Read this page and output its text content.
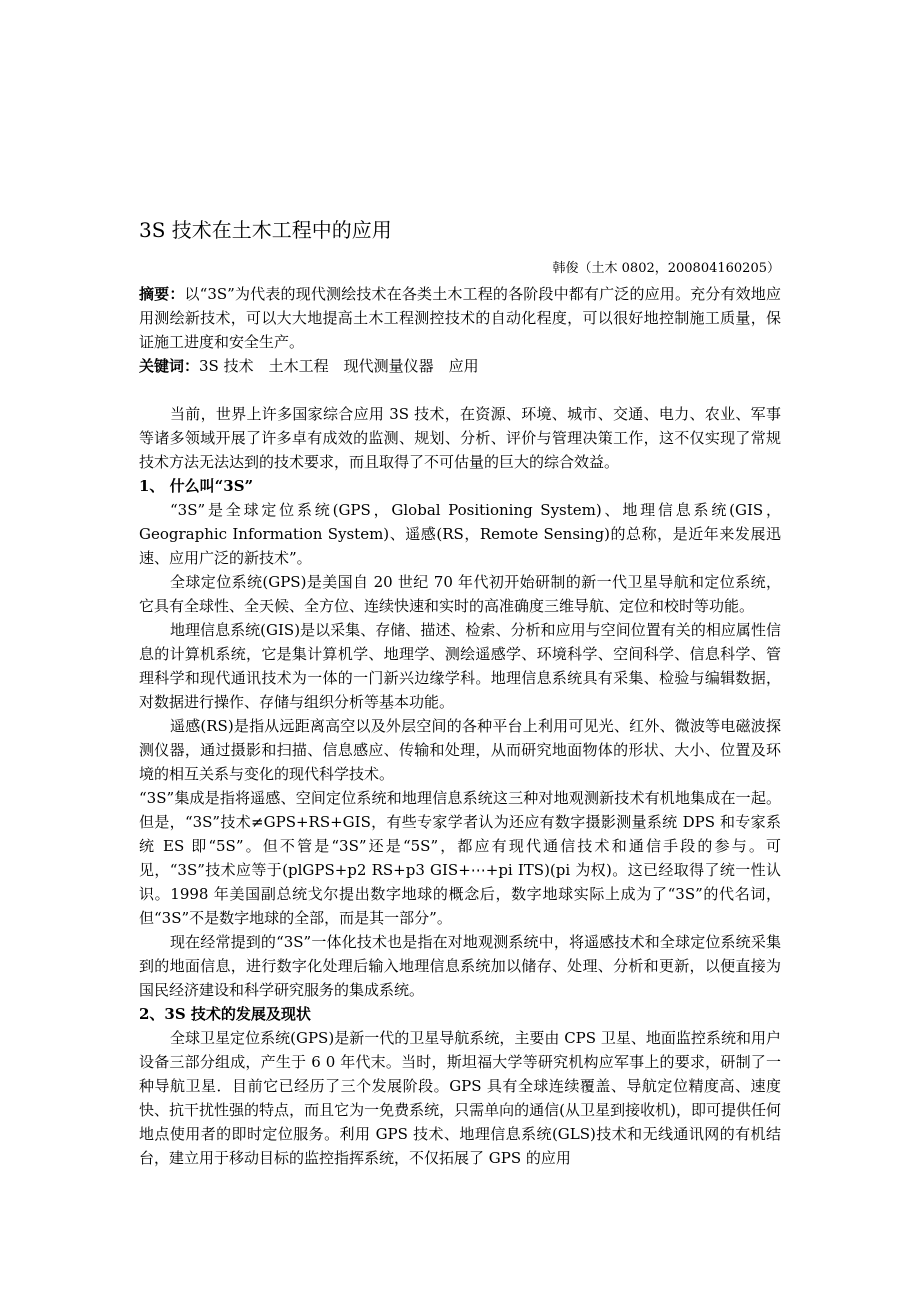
3S 技术在土木工程中的应用
韩俊（土木 0802，200804160205）

摘要：以“3S”为代表的现代测绘技术在各类土木工程的各阶段中都有广泛的应用。充分有效地应用测绘新技术，可以大大地提高土木工程测控技术的自动化程度，可以很好地控制施工质量，保证施工进度和安全生产。

关键词：3S 技术　土木工程　现代测量仪器　应用

当前，世界上许多国家综合应用 3S 技术，在资源、环境、城市、交通、电力、农业、军事等诸多领域开展了许多卓有成效的监测、规划、分析、评价与管理决策工作，这不仅实现了常规技术方法无法达到的技术要求，而且取得了不可估量的巨大的综合效益。

1、 什么叫“3S”

“3S”是全球定位系统(GPS，Global Positioning System)、地理信息系统(GIS，Geographic Information System)、遥感(RS，Remote Sensing)的总称，是近年来发展迅速、应用广泛的新技术”。

全球定位系统(GPS)是美国自 20 世纪 70 年代初开始研制的新一代卫星导航和定位系统，它具有全球性、全天候、全方位、连续快速和实时的高准确度三维导航、定位和校时等功能。

地理信息系统(GIS)是以采集、存储、描述、检索、分析和应用与空间位置有关的相应属性信息的计算机系统，它是集计算机学、地理学、测绘遥感学、环境科学、空间科学、信息科学、管理科学和现代通讯技术为一体的一门新兴边缘学科。地理信息系统具有采集、检验与编辑数据，对数据进行操作、存储与组织分析等基本功能。

遥感(RS)是指从远距离高空以及外层空间的各种平台上利用可见光、红外、微波等电磁波探测仪器，通过摄影和扫描、信息感应、传输和处理，从而研究地面物体的形状、大小、位置及环境的相互关系与变化的现代科学技术。

“3S”集成是指将遥感、空间定位系统和地理信息系统这三种对地观测新技术有机地集成在一起。但是，“3S”技术≠GPS+RS+GIS，有些专家学者认为还应有数字摄影测量系统 DPS 和专家系统 ES 即“5S”。但不管是“3S”还是“5S”，都应有现代通信技术和通信手段的参与。可见，“3S”技术应等于(plGPS+p2 RS+p3 GIS+⋯+pi ITS)(pi 为权)。这已经取得了统一性认识。1998 年美国副总统戈尔提出数字地球的概念后，数字地球实际上成为了“3S”的代名词，但“3S”不是数字地球的全部，而是其一部分”。

现在经常提到的“3S”一体化技术也是指在对地观测系统中，将遥感技术和全球定位系统采集到的地面信息，进行数字化处理后输入地理信息系统加以储存、处理、分析和更新，以便直接为国民经济建设和科学研究服务的集成系统。

2、3S 技术的发展及现状

全球卫星定位系统(GPS)是新一代的卫星导航系统，主要由 CPS 卫星、地面监控系统和用户设备三部分组成，产生于 6 0 年代末。当时，斯坦福大学等研究机构应军事上的要求，研制了一种导航卫星．目前它已经历了三个发展阶段。GPS 具有全球连续覆盖、导航定位精度高、速度快、抗干扰性强的特点，而且它为一免费系统，只需单向的通信(从卫星到接收机)，即可提供任何地点使用者的即时定位服务。利用 GPS 技术、地理信息系统(GLS)技术和无线通讯网的有机结台，建立用于移动目标的监控指挥系统，不仅拓展了 GPS 的应用
